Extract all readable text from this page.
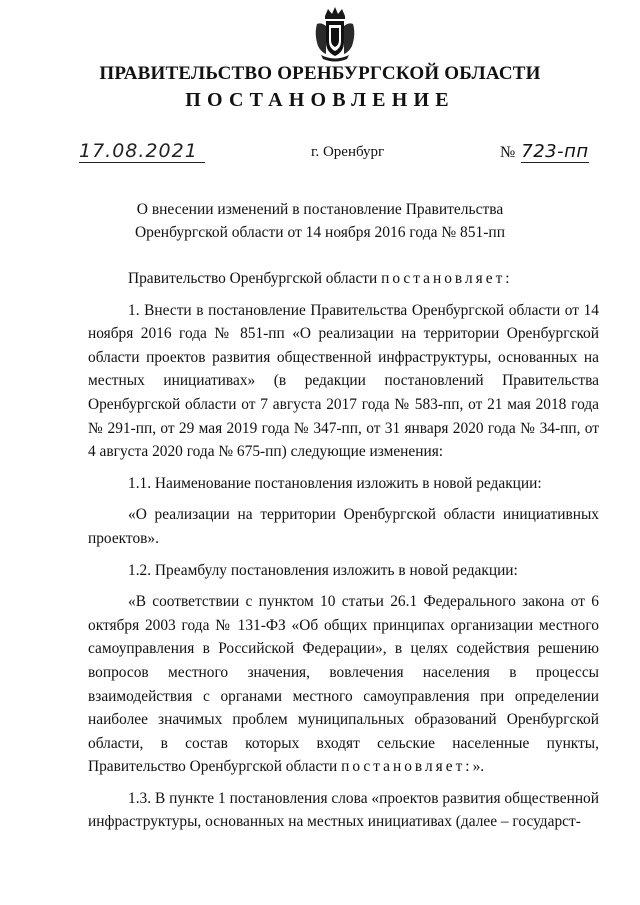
ПРАВИТЕЛЬСТВО ОРЕНБУРГСКОЙ ОБЛАСТИ
ПОСТАНОВЛЕНИЕ
17.08.2021	г. Оренбург	№ 723-пп
О внесении изменений в постановление Правительства
Оренбургской области от 14 ноября 2016 года № 851-пп

Правительство Оренбургской области постановляет:

1. Внести в постановление Правительства Оренбургской области от 14 ноября 2016 года № 851-пп «О реализации на территории Оренбургской области проектов развития общественной инфраструктуры, основанных на местных инициативах» (в редакции постановлений Правительства Оренбургской области от 7 августа 2017 года № 583-пп, от 21 мая 2018 года № 291-пп, от 29 мая 2019 года № 347-пп, от 31 января 2020 года № 34-пп, от 4 августа 2020 года № 675-пп) следующие изменения:

1.1. Наименование постановления изложить в новой редакции:

«О реализации на территории Оренбургской области инициативных проектов».

1.2. Преамбулу постановления изложить в новой редакции:

«В соответствии с пунктом 10 статьи 26.1 Федерального закона от 6 октября 2003 года № 131-ФЗ «Об общих принципах организации местного самоуправления в Российской Федерации», в целях содействия решению вопросов местного значения, вовлечения населения в процессы взаимодействия с органами местного самоуправления при определении наиболее значимых проблем муниципальных образований Оренбургской области, в состав которых входят сельские населенные пункты, Правительство Оренбургской области постановляет:».

1.3. В пункте 1 постановления слова «проектов развития общественной инфраструктуры, основанных на местных инициативах (далее – государст-
